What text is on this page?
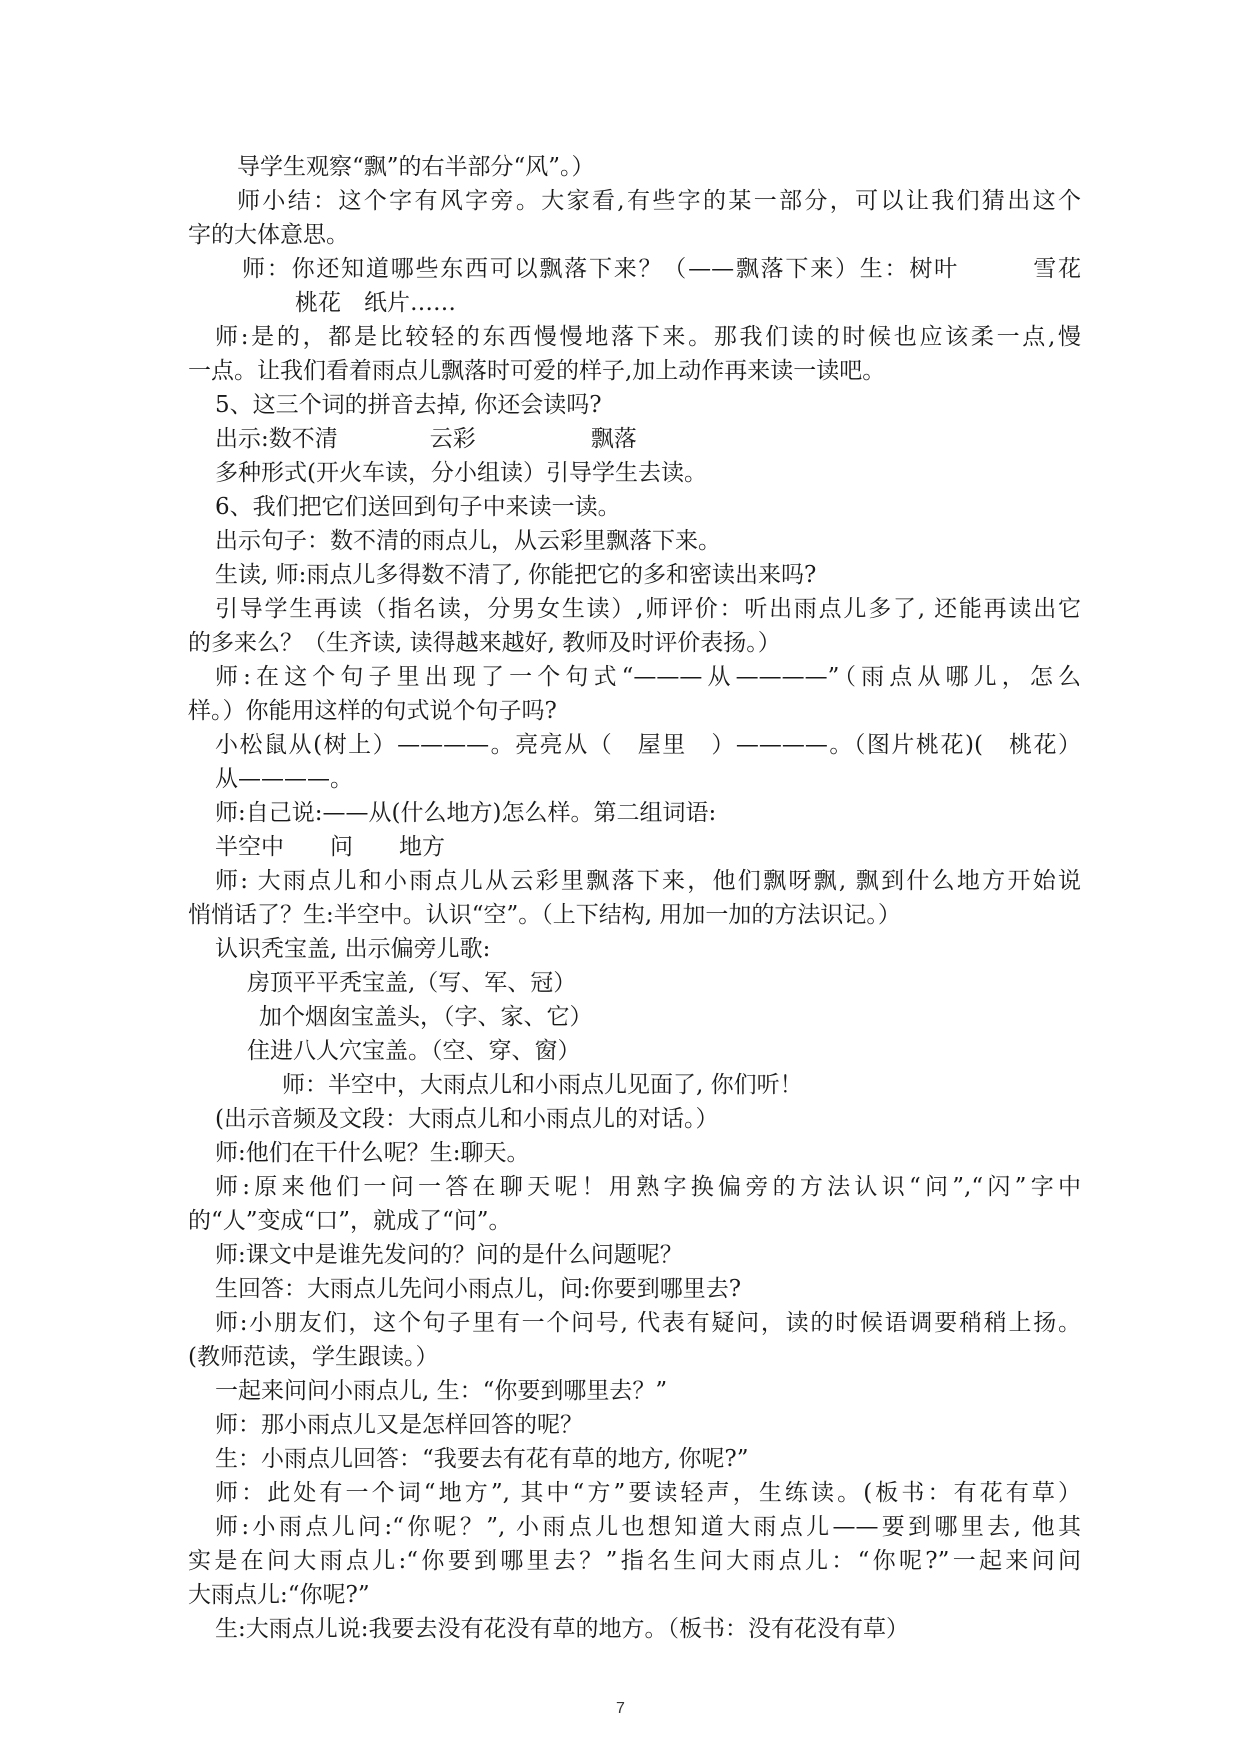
导学生观察“飘”的右半部分“风”。）
师小结：这个字有风字旁。大家看,有些字的某一部分，可以让我们猜出这个
字的大体意思。
师：你还知道哪些东西可以飘落下来？（——飘落下来）生：树叶　　　雪花
桃花　纸片……
师:是的，都是比较轻的东西慢慢地落下来。那我们读的时候也应该柔一点,慢
一点。让我们看着雨点儿飘落时可爱的样子,加上动作再来读一读吧。
5、这三个词的拼音去掉, 你还会读吗?
出示:数不清　　　　云彩　　　　　飘落
多种形式(开火车读，分小组读）引导学生去读。
6、我们把它们送回到句子中来读一读。
出示句子：数不清的雨点儿，从云彩里飘落下来。
生读, 师:雨点儿多得数不清了, 你能把它的多和密读出来吗?
引导学生再读（指名读，分男女生读）,师评价：听出雨点儿多了, 还能再读出它
的多来么？（生齐读, 读得越来越好, 教师及时评价表扬。）
师:在这个句子里出现了一个句式“———从————”（雨点从哪儿，怎么
样。）你能用这样的句式说个句子吗?
小松鼠从(树上）————。亮亮从（　屋里　）————。（图片桃花)(　桃花）
从————。
师:自己说:——从(什么地方)怎么样。第二组词语:
半空中　　问　　地方
师: 大雨点儿和小雨点儿从云彩里飘落下来，他们飘呀飘, 飘到什么地方开始说
悄悄话了？生:半空中。认识“空”。（上下结构, 用加一加的方法识记。）
认识秃宝盖, 出示偏旁儿歌:
房顶平平秃宝盖,（写、军、冠）
加个烟囱宝盖头，（字、家、它）
住进八人穴宝盖。（空、穿、窗）
师：半空中，大雨点儿和小雨点儿见面了, 你们听！
(出示音频及文段：大雨点儿和小雨点儿的对话。）
师:他们在干什么呢？生:聊天。
师:原来他们一问一答在聊天呢！用熟字换偏旁的方法认识“问”,“闪”字中
的“人”变成“口”，就成了“问”。
师:课文中是谁先发问的？问的是什么问题呢？
生回答：大雨点儿先问小雨点儿，问:你要到哪里去?
师:小朋友们，这个句子里有一个问号, 代表有疑问，读的时候语调要稍稍上扬。
(教师范读，学生跟读。）
一起来问问小雨点儿, 生：“你要到哪里去？”
师：那小雨点儿又是怎样回答的呢？
生：小雨点儿回答：“我要去有花有草的地方, 你呢?”
师：此处有一个词“地方”, 其中“方”要读轻声，生练读。(板书：有花有草）
师:小雨点儿问:“你呢？”, 小雨点儿也想知道大雨点儿——要到哪里去, 他其
实是在问大雨点儿:“你要到哪里去？”指名生问大雨点儿：“你呢?”一起来问问
大雨点儿:“你呢?”
生:大雨点儿说:我要去没有花没有草的地方。（板书：没有花没有草）
7
